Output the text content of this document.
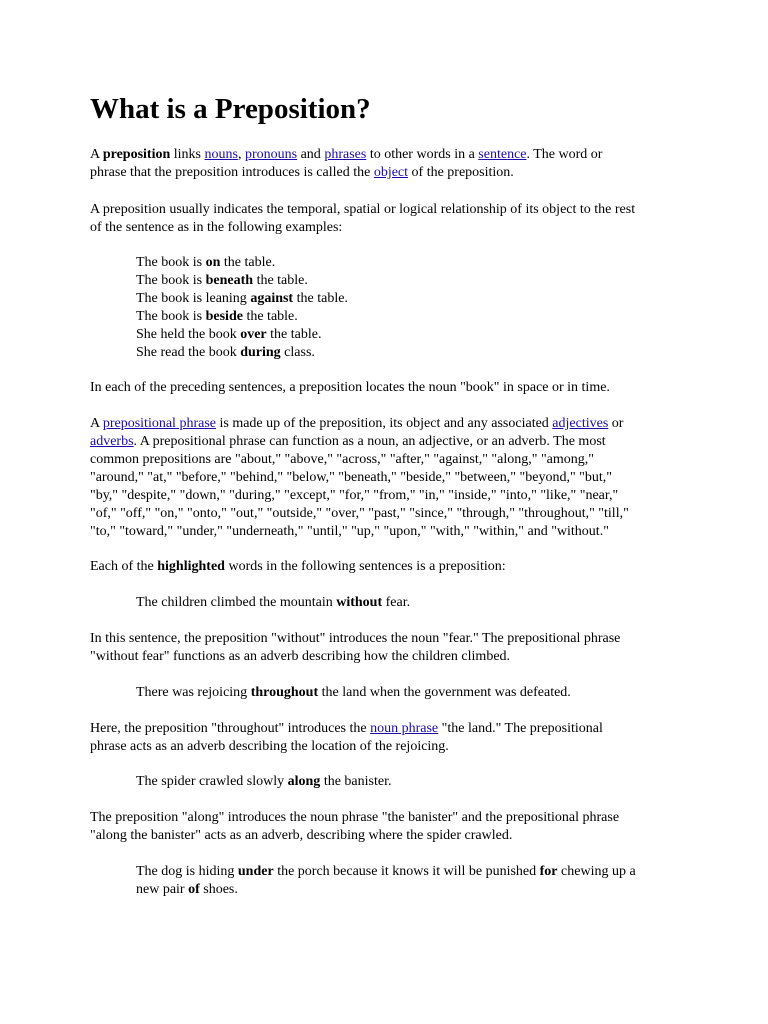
What is a Preposition?

A preposition links nouns, pronouns and phrases to other words in a sentence. The word or
phrase that the preposition introduces is called the object of the preposition.

A preposition usually indicates the temporal, spatial or logical relationship of its object to the rest
of the sentence as in the following examples:

The book is on the table.
The book is beneath the table.
The book is leaning against the table.
The book is beside the table.
She held the book over the table.
She read the book during class.

In each of the preceding sentences, a preposition locates the noun "book" in space or in time.

A prepositional phrase is made up of the preposition, its object and any associated adjectives or
adverbs. A prepositional phrase can function as a noun, an adjective, or an adverb. The most
common prepositions are "about," "above," "across," "after," "against," "along," "among,"
"around," "at," "before," "behind," "below," "beneath," "beside," "between," "beyond," "but,"
"by," "despite," "down," "during," "except," "for," "from," "in," "inside," "into," "like," "near,"
"of," "off," "on," "onto," "out," "outside," "over," "past," "since," "through," "throughout," "till,"
"to," "toward," "under," "underneath," "until," "up," "upon," "with," "within," and "without."

Each of the highlighted words in the following sentences is a preposition:

The children climbed the mountain without fear.

In this sentence, the preposition "without" introduces the noun "fear." The prepositional phrase
"without fear" functions as an adverb describing how the children climbed.

There was rejoicing throughout the land when the government was defeated.

Here, the preposition "throughout" introduces the noun phrase "the land." The prepositional
phrase acts as an adverb describing the location of the rejoicing.

The spider crawled slowly along the banister.

The preposition "along" introduces the noun phrase "the banister" and the prepositional phrase
"along the banister" acts as an adverb, describing where the spider crawled.

The dog is hiding under the porch because it knows it will be punished for chewing up a
new pair of shoes.
